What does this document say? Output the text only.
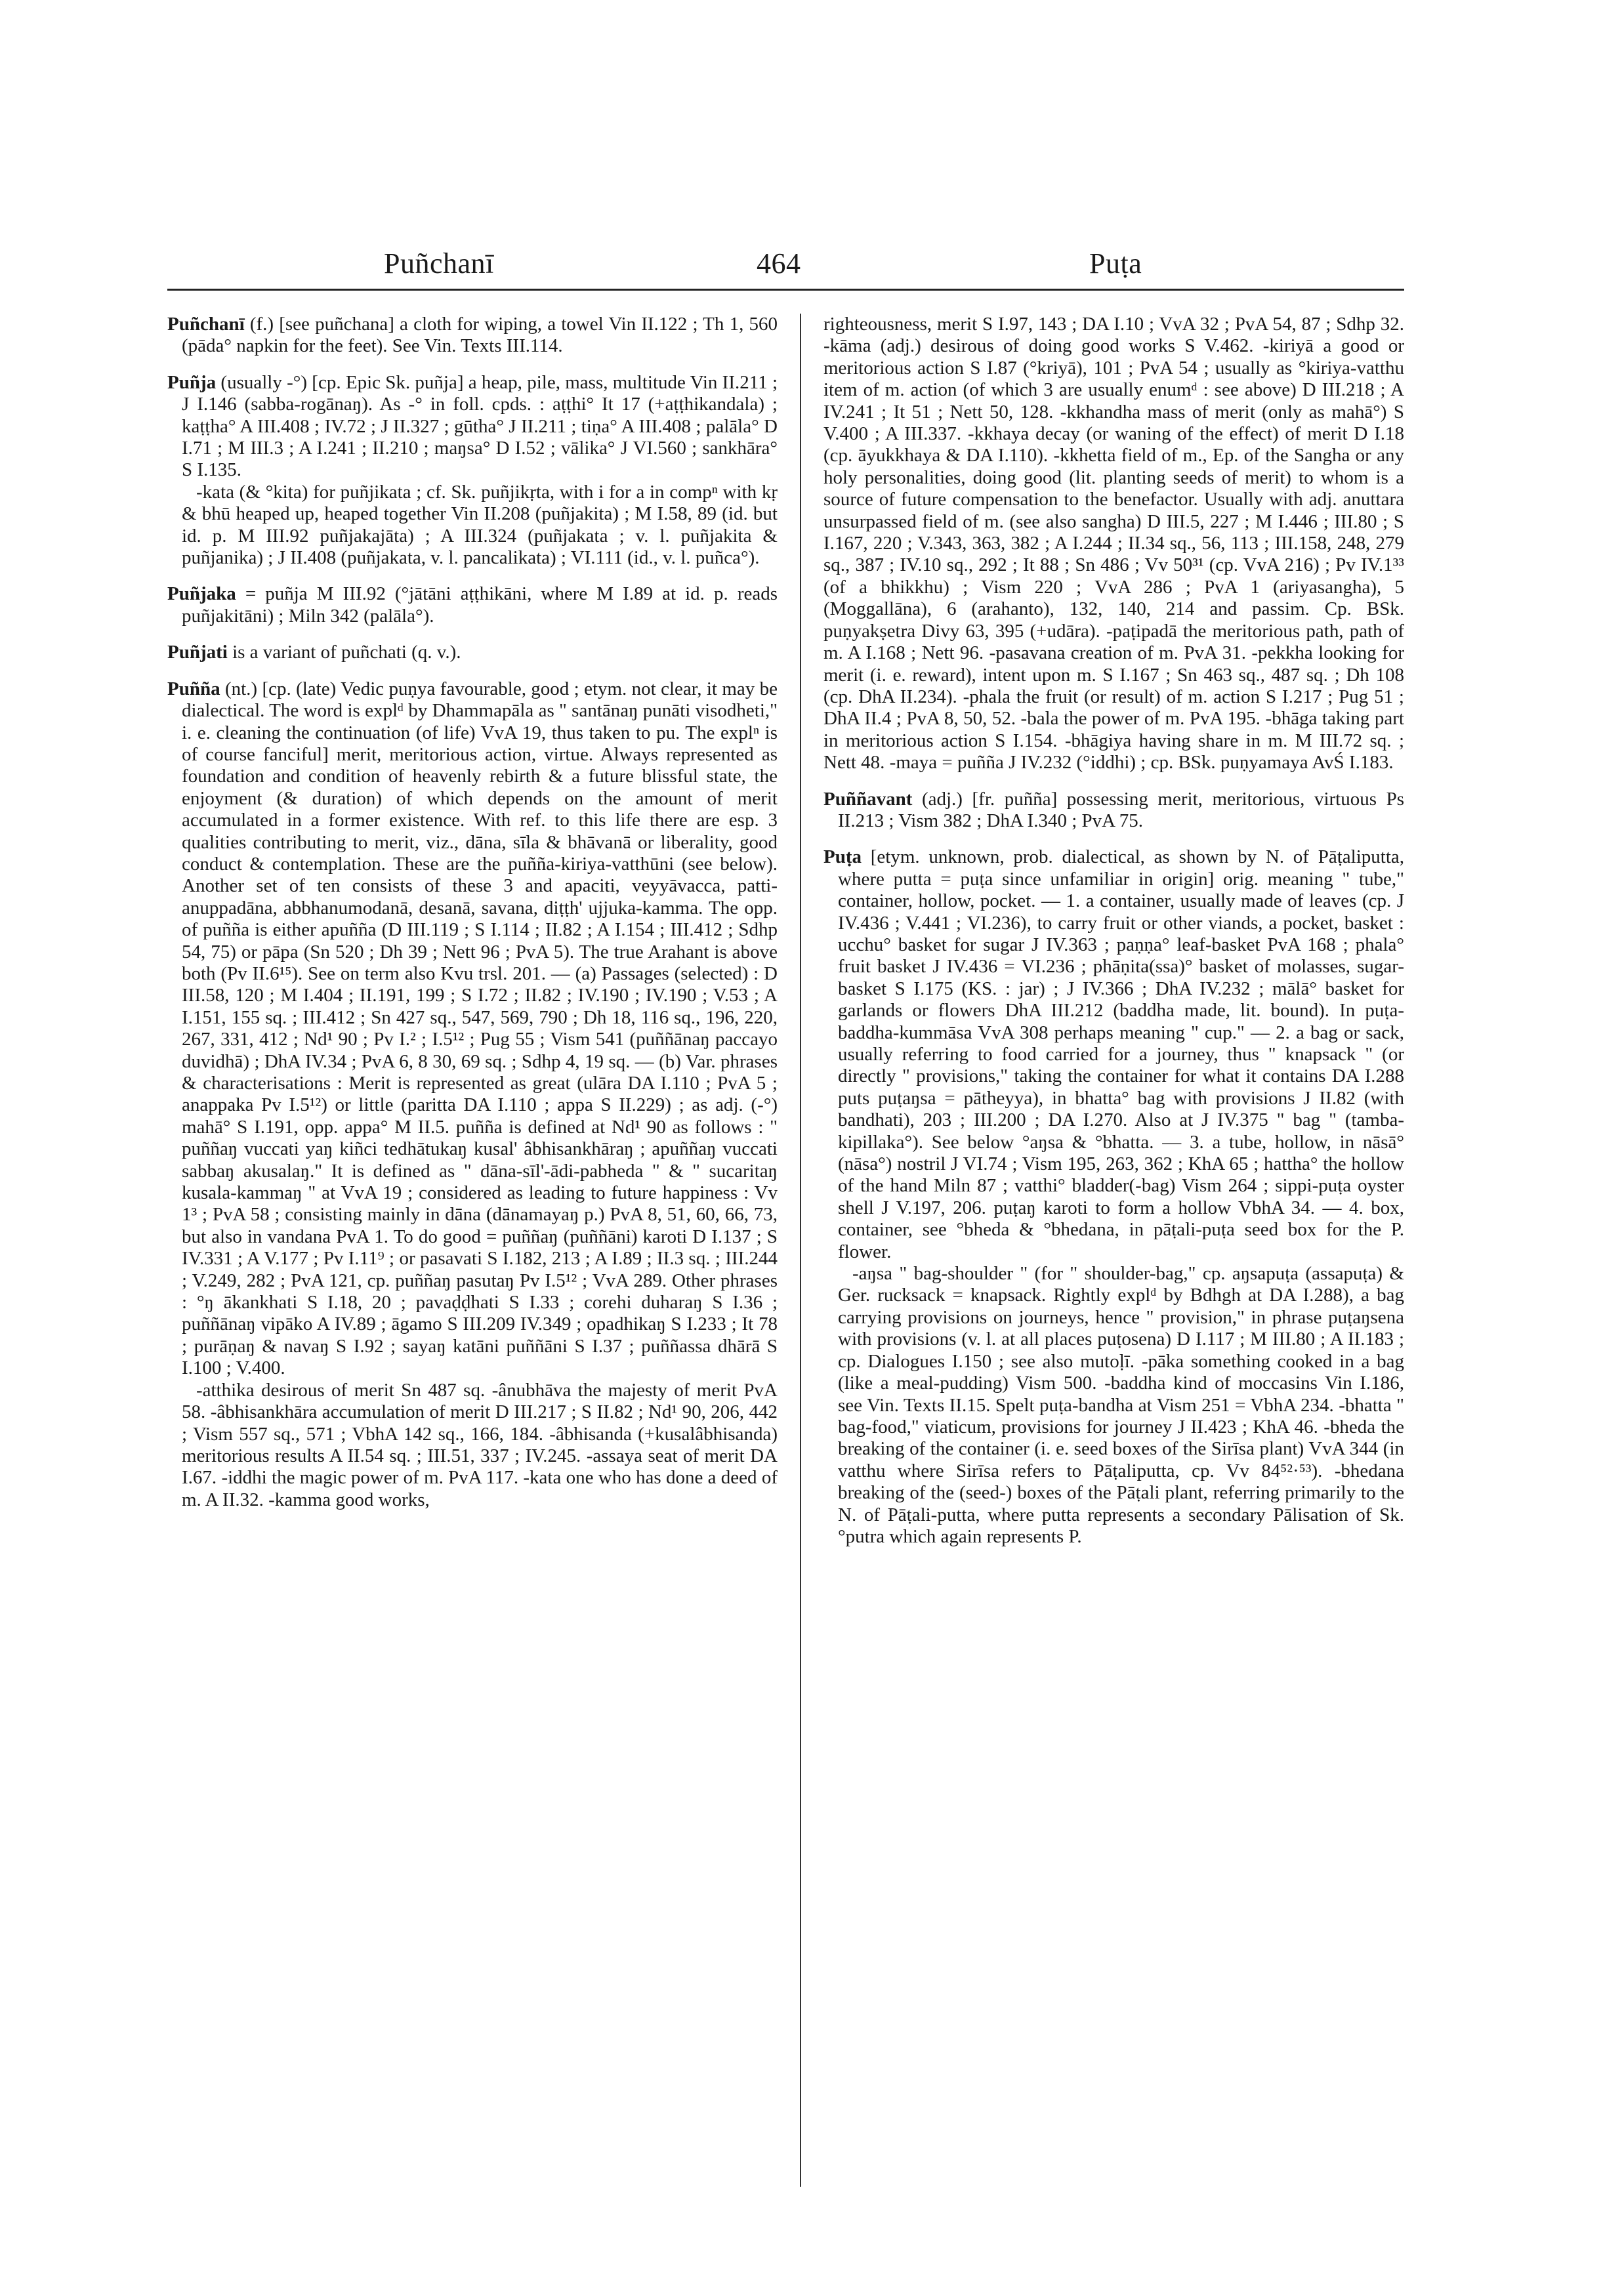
Puñchanī	464	Puṭa

Puñchanī (f.) [see puñchana] a cloth for wiping, a towel Vin II.122 ; Th 1, 560 (pāda° napkin for the feet). See Vin. Texts III.114.

Puñja (usually -°) [cp. Epic Sk. puñja] a heap, pile, mass, multitude Vin II.211 ; J I.146 (sabba-rogānaŋ). As -° in foll. cpds. : aṭṭhi° It 17 (+aṭṭhikandala) ; kaṭṭha° A III.408 ; IV.72 ; J II.327 ; gūtha° J II.211 ; tiṇa° A III.408 ; palāla° D I.71 ; M III.3 ; A I.241 ; II.210 ; maŋsa° D I.52 ; vālika° J VI.560 ; sankhāra° S I.135.

-kata (& °kita) for puñjikata ; cf. Sk. puñjikṛta, with i for a in compⁿ with kṛ & bhū heaped up, heaped together Vin II.208 (puñjakita) ; M I.58, 89 (id. but id. p. M III.92 puñjakajāta) ; A III.324 (puñjakata ; v. l. puñjakita & puñjanika) ; J II.408 (puñjakata, v. l. pancalikata) ; VI.111 (id., v. l. puñca°).

Puñjaka = puñja M III.92 (°jātāni aṭṭhikāni, where M I.89 at id. p. reads puñjakitāni) ; Miln 342 (palāla°).

Puñjati is a variant of puñchati (q. v.).

Puñña (nt.) [cp. (late) Vedic puṇya favourable, good ; etym. not clear, it may be dialectical. The word is explᵈ by Dhammapāla as " santānaŋ punāti visodheti," i. e. cleaning the continuation (of life) VvA 19, thus taken to pu. The explⁿ is of course fanciful] merit, meritorious action, virtue. Always represented as foundation and condition of heavenly rebirth & a future blissful state, the enjoyment (& duration) of which depends on the amount of merit accumulated in a former existence. With ref. to this life there are esp. 3 qualities contributing to merit, viz., dāna, sīla & bhāvanā or liberality, good conduct & contemplation. These are the puñña-kiriya-vatthūni (see below). Another set of ten consists of these 3 and apaciti, veyyāvacca, patti-anuppadāna, abbhanumodanā, desanā, savana, diṭṭh' ujjuka-kamma. The opp. of puñña is either apuñña (D III.119 ; S I.114 ; II.82 ; A I.154 ; III.412 ; Sdhp 54, 75) or pāpa (Sn 520 ; Dh 39 ; Nett 96 ; PvA 5). The true Arahant is above both (Pv II.6¹⁵). See on term also Kvu trsl. 201. — (a) Passages (selected) : D III.58, 120 ; M I.404 ; II.191, 199 ; S I.72 ; II.82 ; IV.190 ; IV.190 ; V.53 ; A I.151, 155 sq. ; III.412 ; Sn 427 sq., 547, 569, 790 ; Dh 18, 116 sq., 196, 220, 267, 331, 412 ; Nd¹ 90 ; Pv I.² ; I.5¹² ; Pug 55 ; Vism 541 (puññānaŋ paccayo duvidhā) ; DhA IV.34 ; PvA 6, 8 30, 69 sq. ; Sdhp 4, 19 sq. — (b) Var. phrases & characterisations : Merit is represented as great (ulāra DA I.110 ; PvA 5 ; anappaka Pv I.5¹²) or little (paritta DA I.110 ; appa S II.229) ; as adj. (-°) mahā° S I.191, opp. appa° M II.5. puñña is defined at Nd¹ 90 as follows : " puññaŋ vuccati yaŋ kiñci tedhātukaŋ kusal' âbhisankhāraŋ ; apuññaŋ vuccati sabbaŋ akusalaŋ." It is defined as " dāna-sīl'-ādi-pabheda " & " sucaritaŋ kusala-kammaŋ " at VvA 19 ; considered as leading to future happiness : Vv 1³ ; PvA 58 ; consisting mainly in dāna (dānamayaŋ p.) PvA 8, 51, 60, 66, 73, but also in vandana PvA 1. To do good = puññaŋ (puññāni) karoti D I.137 ; S IV.331 ; A V.177 ; Pv I.11⁹ ; or pasavati S I.182, 213 ; A I.89 ; II.3 sq. ; III.244 ; V.249, 282 ; PvA 121, cp. puññaŋ pasutaŋ Pv I.5¹² ; VvA 289. Other phrases : °ŋ ākankhati S I.18, 20 ; pavaḍḍhati S I.33 ; corehi duharaŋ S I.36 ; puññānaŋ vipāko A IV.89 ; āgamo S III.209 IV.349 ; opadhikaŋ S I.233 ; It 78 ; purāṇaŋ & navaŋ S I.92 ; sayaŋ katāni puññāni S I.37 ; puññassa dhārā S I.100 ; V.400.

-atthika desirous of merit Sn 487 sq. -ânubhāva the majesty of merit PvA 58. -âbhisankhāra accumulation of merit D III.217 ; S II.82 ; Nd¹ 90, 206, 442 ; Vism 557 sq., 571 ; VbhA 142 sq., 166, 184. -âbhisanda (+kusalâbhisanda) meritorious results A II.54 sq. ; III.51, 337 ; IV.245. -assaya seat of merit DA I.67. -iddhi the magic power of m. PvA 117. -kata one who has done a deed of m. A II.32. -kamma good works,

righteousness, merit S I.97, 143 ; DA I.10 ; VvA 32 ; PvA 54, 87 ; Sdhp 32. -kāma (adj.) desirous of doing good works S V.462. -kiriyā a good or meritorious action S I.87 (°kriyā), 101 ; PvA 54 ; usually as °kiriya-vatthu item of m. action (of which 3 are usually enumᵈ : see above) D III.218 ; A IV.241 ; It 51 ; Nett 50, 128. -kkhandha mass of merit (only as mahā°) S V.400 ; A III.337. -kkhaya decay (or waning of the effect) of merit D I.18 (cp. āyukkhaya & DA I.110). -kkhetta field of m., Ep. of the Sangha or any holy personalities, doing good (lit. planting seeds of merit) to whom is a source of future compensation to the benefactor. Usually with adj. anuttara unsurpassed field of m. (see also sangha) D III.5, 227 ; M I.446 ; III.80 ; S I.167, 220 ; V.343, 363, 382 ; A I.244 ; II.34 sq., 56, 113 ; III.158, 248, 279 sq., 387 ; IV.10 sq., 292 ; It 88 ; Sn 486 ; Vv 50³¹ (cp. VvA 216) ; Pv IV.1³³ (of a bhikkhu) ; Vism 220 ; VvA 286 ; PvA 1 (ariyasangha), 5 (Moggallāna), 6 (arahanto), 132, 140, 214 and passim. Cp. BSk. puṇyakṣetra Divy 63, 395 (+udāra). -paṭipadā the meritorious path, path of m. A I.168 ; Nett 96. -pasavana creation of m. PvA 31. -pekkha looking for merit (i. e. reward), intent upon m. S I.167 ; Sn 463 sq., 487 sq. ; Dh 108 (cp. DhA II.234). -phala the fruit (or result) of m. action S I.217 ; Pug 51 ; DhA II.4 ; PvA 8, 50, 52. -bala the power of m. PvA 195. -bhāga taking part in meritorious action S I.154. -bhāgiya having share in m. M III.72 sq. ; Nett 48. -maya = puñña J IV.232 (°iddhi) ; cp. BSk. puṇyamaya AvŚ I.183.

Puññavant (adj.) [fr. puñña] possessing merit, meritorious, virtuous Ps II.213 ; Vism 382 ; DhA I.340 ; PvA 75.

Puṭa [etym. unknown, prob. dialectical, as shown by N. of Pāṭaliputta, where putta = puṭa since unfamiliar in origin] orig. meaning " tube," container, hollow, pocket. — 1. a container, usually made of leaves (cp. J IV.436 ; V.441 ; VI.236), to carry fruit or other viands, a pocket, basket : ucchu° basket for sugar J IV.363 ; paṇṇa° leaf-basket PvA 168 ; phala° fruit basket J IV.436 = VI.236 ; phāṇita(ssa)° basket of molasses, sugar-basket S I.175 (KS. : jar) ; J IV.366 ; DhA IV.232 ; mālā° basket for garlands or flowers DhA III.212 (baddha made, lit. bound). In puṭa-baddha-kummāsa VvA 308 perhaps meaning " cup." — 2. a bag or sack, usually referring to food carried for a journey, thus " knapsack " (or directly " provisions," taking the container for what it contains DA I.288 puts puṭaŋsa = pātheyya), in bhatta° bag with provisions J II.82 (with bandhati), 203 ; III.200 ; DA I.270. Also at J IV.375 " bag " (tamba-kipillaka°). See below °aŋsa & °bhatta. — 3. a tube, hollow, in nāsā° (nāsa°) nostril J VI.74 ; Vism 195, 263, 362 ; KhA 65 ; hattha° the hollow of the hand Miln 87 ; vatthi° bladder(-bag) Vism 264 ; sippi-puṭa oyster shell J V.197, 206. puṭaŋ karoti to form a hollow VbhA 34. — 4. box, container, see °bheda & °bhedana, in pāṭali-puṭa seed box for the P. flower.

-aŋsa " bag-shoulder " (for " shoulder-bag," cp. aŋsapuṭa (assapuṭa) & Ger. rucksack = knapsack. Rightly explᵈ by Bdhgh at DA I.288), a bag carrying provisions on journeys, hence " provision," in phrase puṭaŋsena with provisions (v. l. at all places puṭosena) D I.117 ; M III.80 ; A II.183 ; cp. Dialogues I.150 ; see also mutoḷī. -pāka something cooked in a bag (like a meal-pudding) Vism 500. -baddha kind of moccasins Vin I.186, see Vin. Texts II.15. Spelt puṭa-bandha at Vism 251 = VbhA 234. -bhatta " bag-food," viaticum, provisions for journey J II.423 ; KhA 46. -bheda the breaking of the container (i. e. seed boxes of the Sirīsa plant) VvA 344 (in vatthu where Sirīsa refers to Pāṭaliputta, cp. Vv 84⁵²·⁵³). -bhedana breaking of the (seed-) boxes of the Pāṭali plant, referring primarily to the N. of Pāṭali-putta, where putta represents a secondary Pālisation of Sk. °putra which again represents P.
